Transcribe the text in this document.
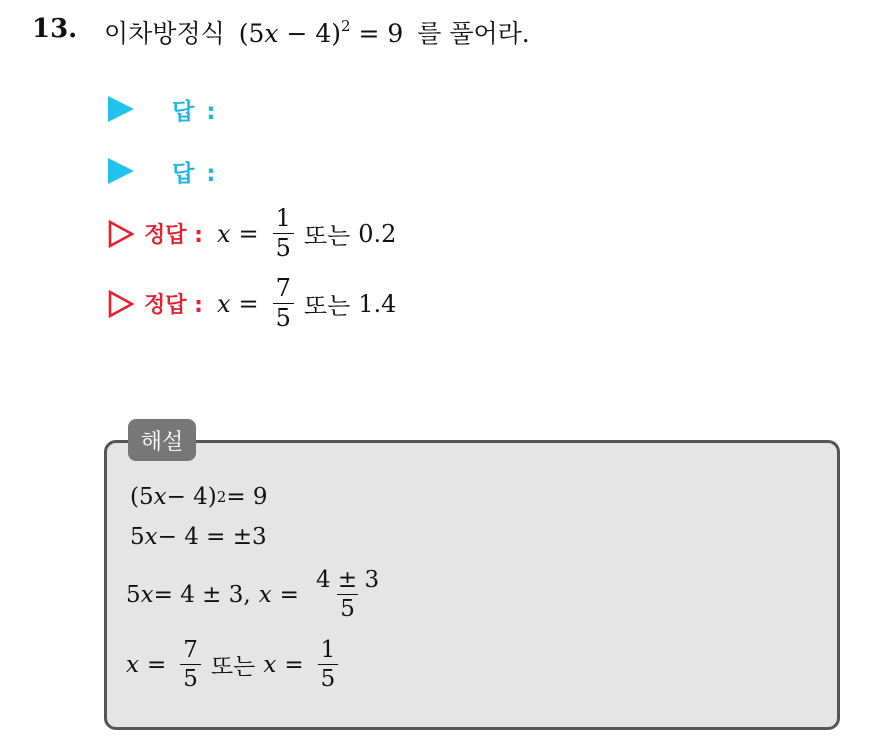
13. 이차방정식 $(5x - 4)^2 = 9$ 를 풀어라.
답 :
답 :
정답 : $x = \frac{1}{5}$ 또는 0.2
정답 : $x = \frac{7}{5}$ 또는 1.4
해설
(5 x − 4) 2 = 9
5 x − 4 = ±3
5 x = 4 ± 3, $x = \frac{4 \pm 3}{5}$
$x = \frac{7}{5}$ 또는 $x = \frac{1}{5}$
